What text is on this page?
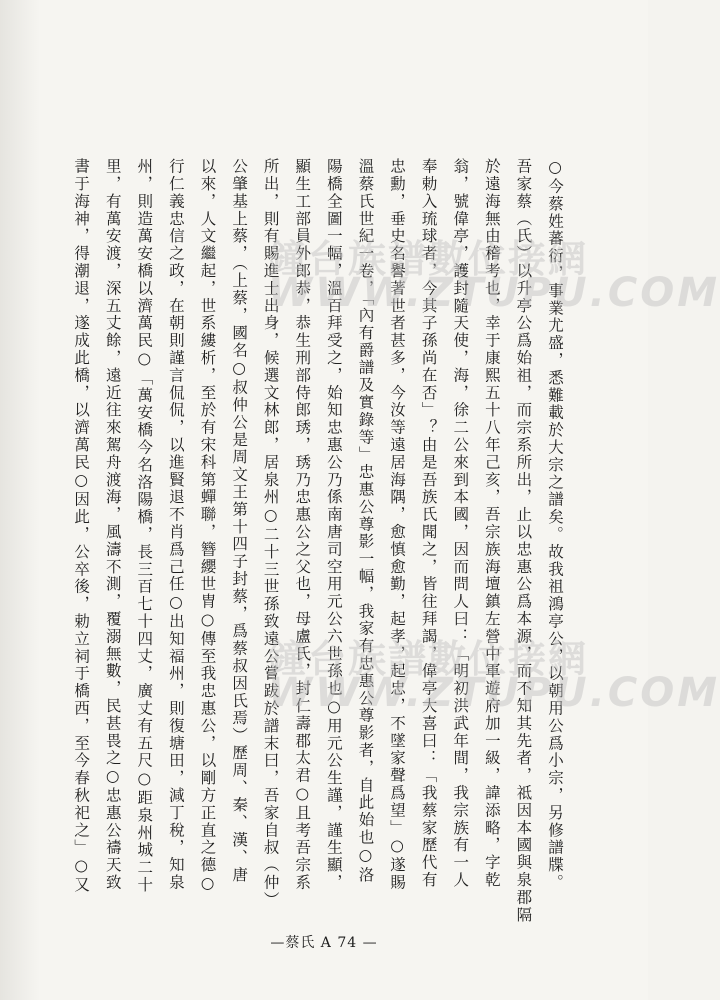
○今蔡姓蕃衍，事業尤盛，悉難載於大宗之譜矣。故我祖鴻亭公，以朝用公爲小宗，另修譜牒。
吾家蔡（氏）以升亭公爲始祖，而宗系所出，止以忠惠公爲本源，而不知其先者，祗因本國與泉郡隔
於遠海無由稽考也，幸于康熙五十八年己亥，吾宗族海壇鎮左營中軍遊府加一級，諱添略，字乾
翁，號偉亭，護封隨天使，海，徐二公來到本國，因而問人曰：「明初洪武年間，我宗族有一人
奉勅入琉球者，今其子孫尚在否」？由是吾族氏聞之，皆往拜謁，偉亭大喜曰：「我蔡家歷代有
忠勳，垂史名譽著世者甚多，今汝等遠居海隅，愈慎愈勤，起孝，起忠，不墜家聲爲望」○遂賜
溫蔡氏世紀一卷，「內有爵譜及實錄等」忠惠公尊影一幅，我家有忠惠公尊影者，自此始也○洛
陽橋全圖一幅，溫百拜受之，始知忠惠公乃係南唐司空用元公六世孫也○用元公生謹，謹生顯，
顯生工部員外郎恭，恭生刑部侍郎琇，琇乃忠惠公之父也，母盧氏，封仁壽郡太君○且考吾宗系
所出，則有賜進士出身，候選文林郎，居泉州○二十三世孫致遠公嘗跋於譜末曰，吾家自叔（仲）
公肇基上蔡，（上蔡，國名○叔仲公是周文王第十四子封蔡，爲蔡叔因氏焉）歷周、秦、漢、唐
以來，人文繼起，世系縷析，至於有宋科第蟬聯，簪纓世胄○傳至我忠惠公，以剛方正直之德○
行仁義忠信之政，在朝則謹言侃侃，以進賢退不肖爲己任○出知福州，則復塘田，減丁稅，知泉
州，則造萬安橋以濟萬民○「萬安橋今名洛陽橋，長三百七十四丈，廣丈有五尺○距泉州城二十
里，有萬安渡，深五丈餘，遠近往來駕舟渡海，風濤不測，覆溺無數，民甚畏之○忠惠公禱天致
書于海神，得潮退，遂成此橋，以濟萬民○因此，公卒後，勅立祠于橋西，至今春秋祀之」○又	鐘台族譜數位接網
WWW.ZTUPU.COM
鐘台族譜數位接網
WWW.ZTUPU.COM
—蔡氏 A 74 —
